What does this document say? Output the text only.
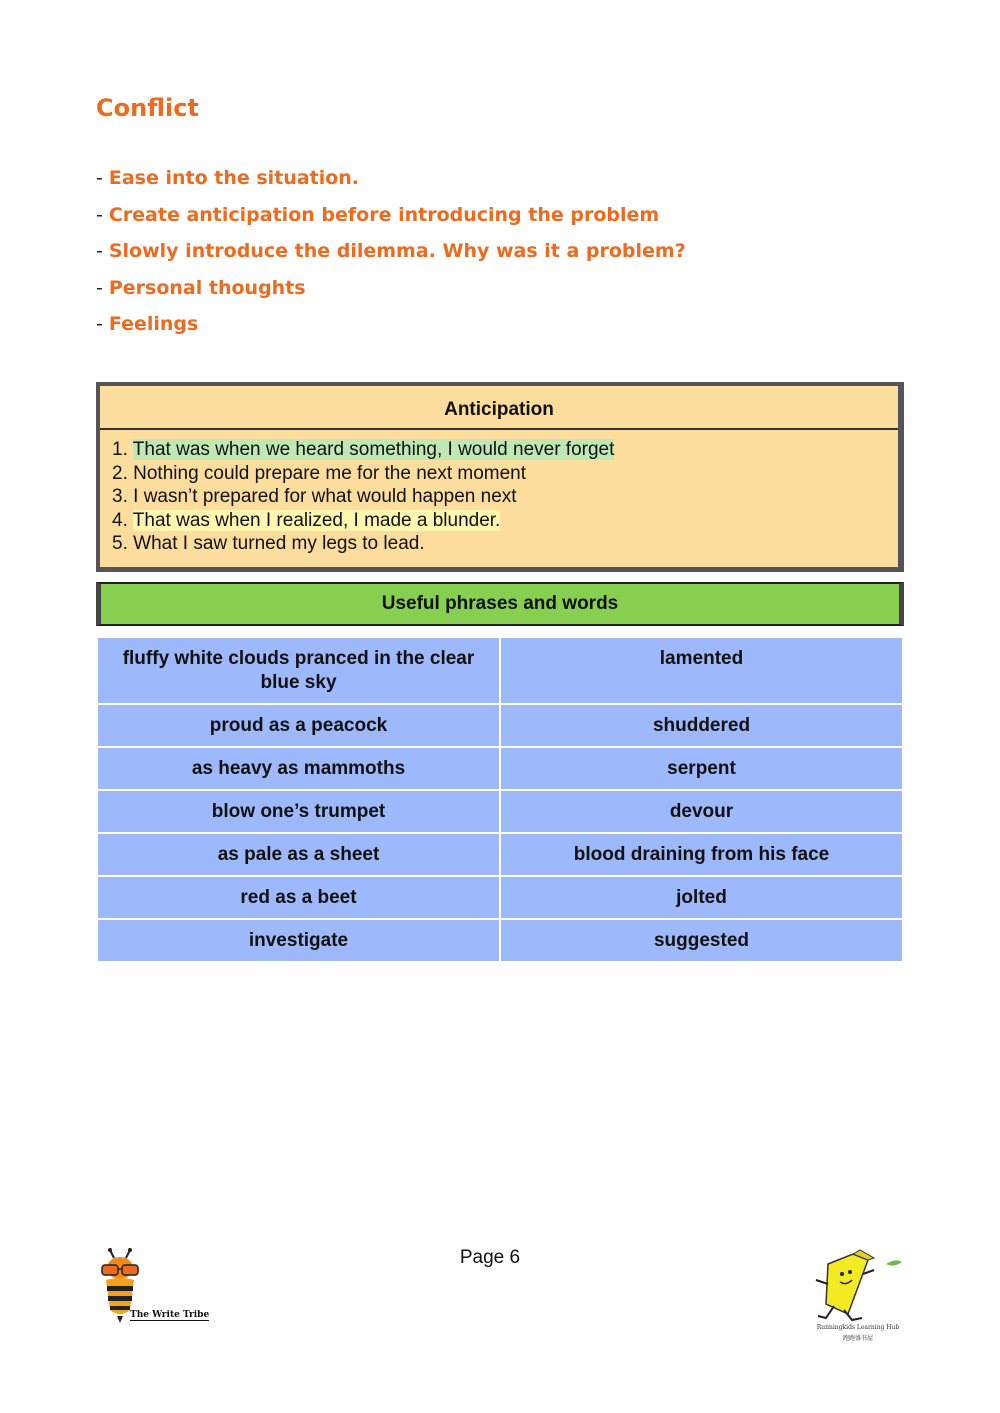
Conflict
- Ease into the situation.
- Create anticipation before introducing the problem
- Slowly introduce the dilemma. Why was it a problem?
- Personal thoughts
- Feelings
Anticipation
1. That was when we heard something, I would never forget
2. Nothing could prepare me for the next moment
3. I wasn’t prepared for what would happen next
4. That was when I realized, I made a blunder.
5. What I saw turned my legs to lead.
Useful phrases and words
fluffy white clouds pranced in the clear blue sky	lamented
proud as a peacock	shuddered
as heavy as mammoths	serpent
blow one’s trumpet	devour
as pale as a sheet	blood draining from his face
red as a beet	jolted
investigate	suggested
Page 6
The Write Tribe
Runningkids Learning Hub
跑跑盛书屋
